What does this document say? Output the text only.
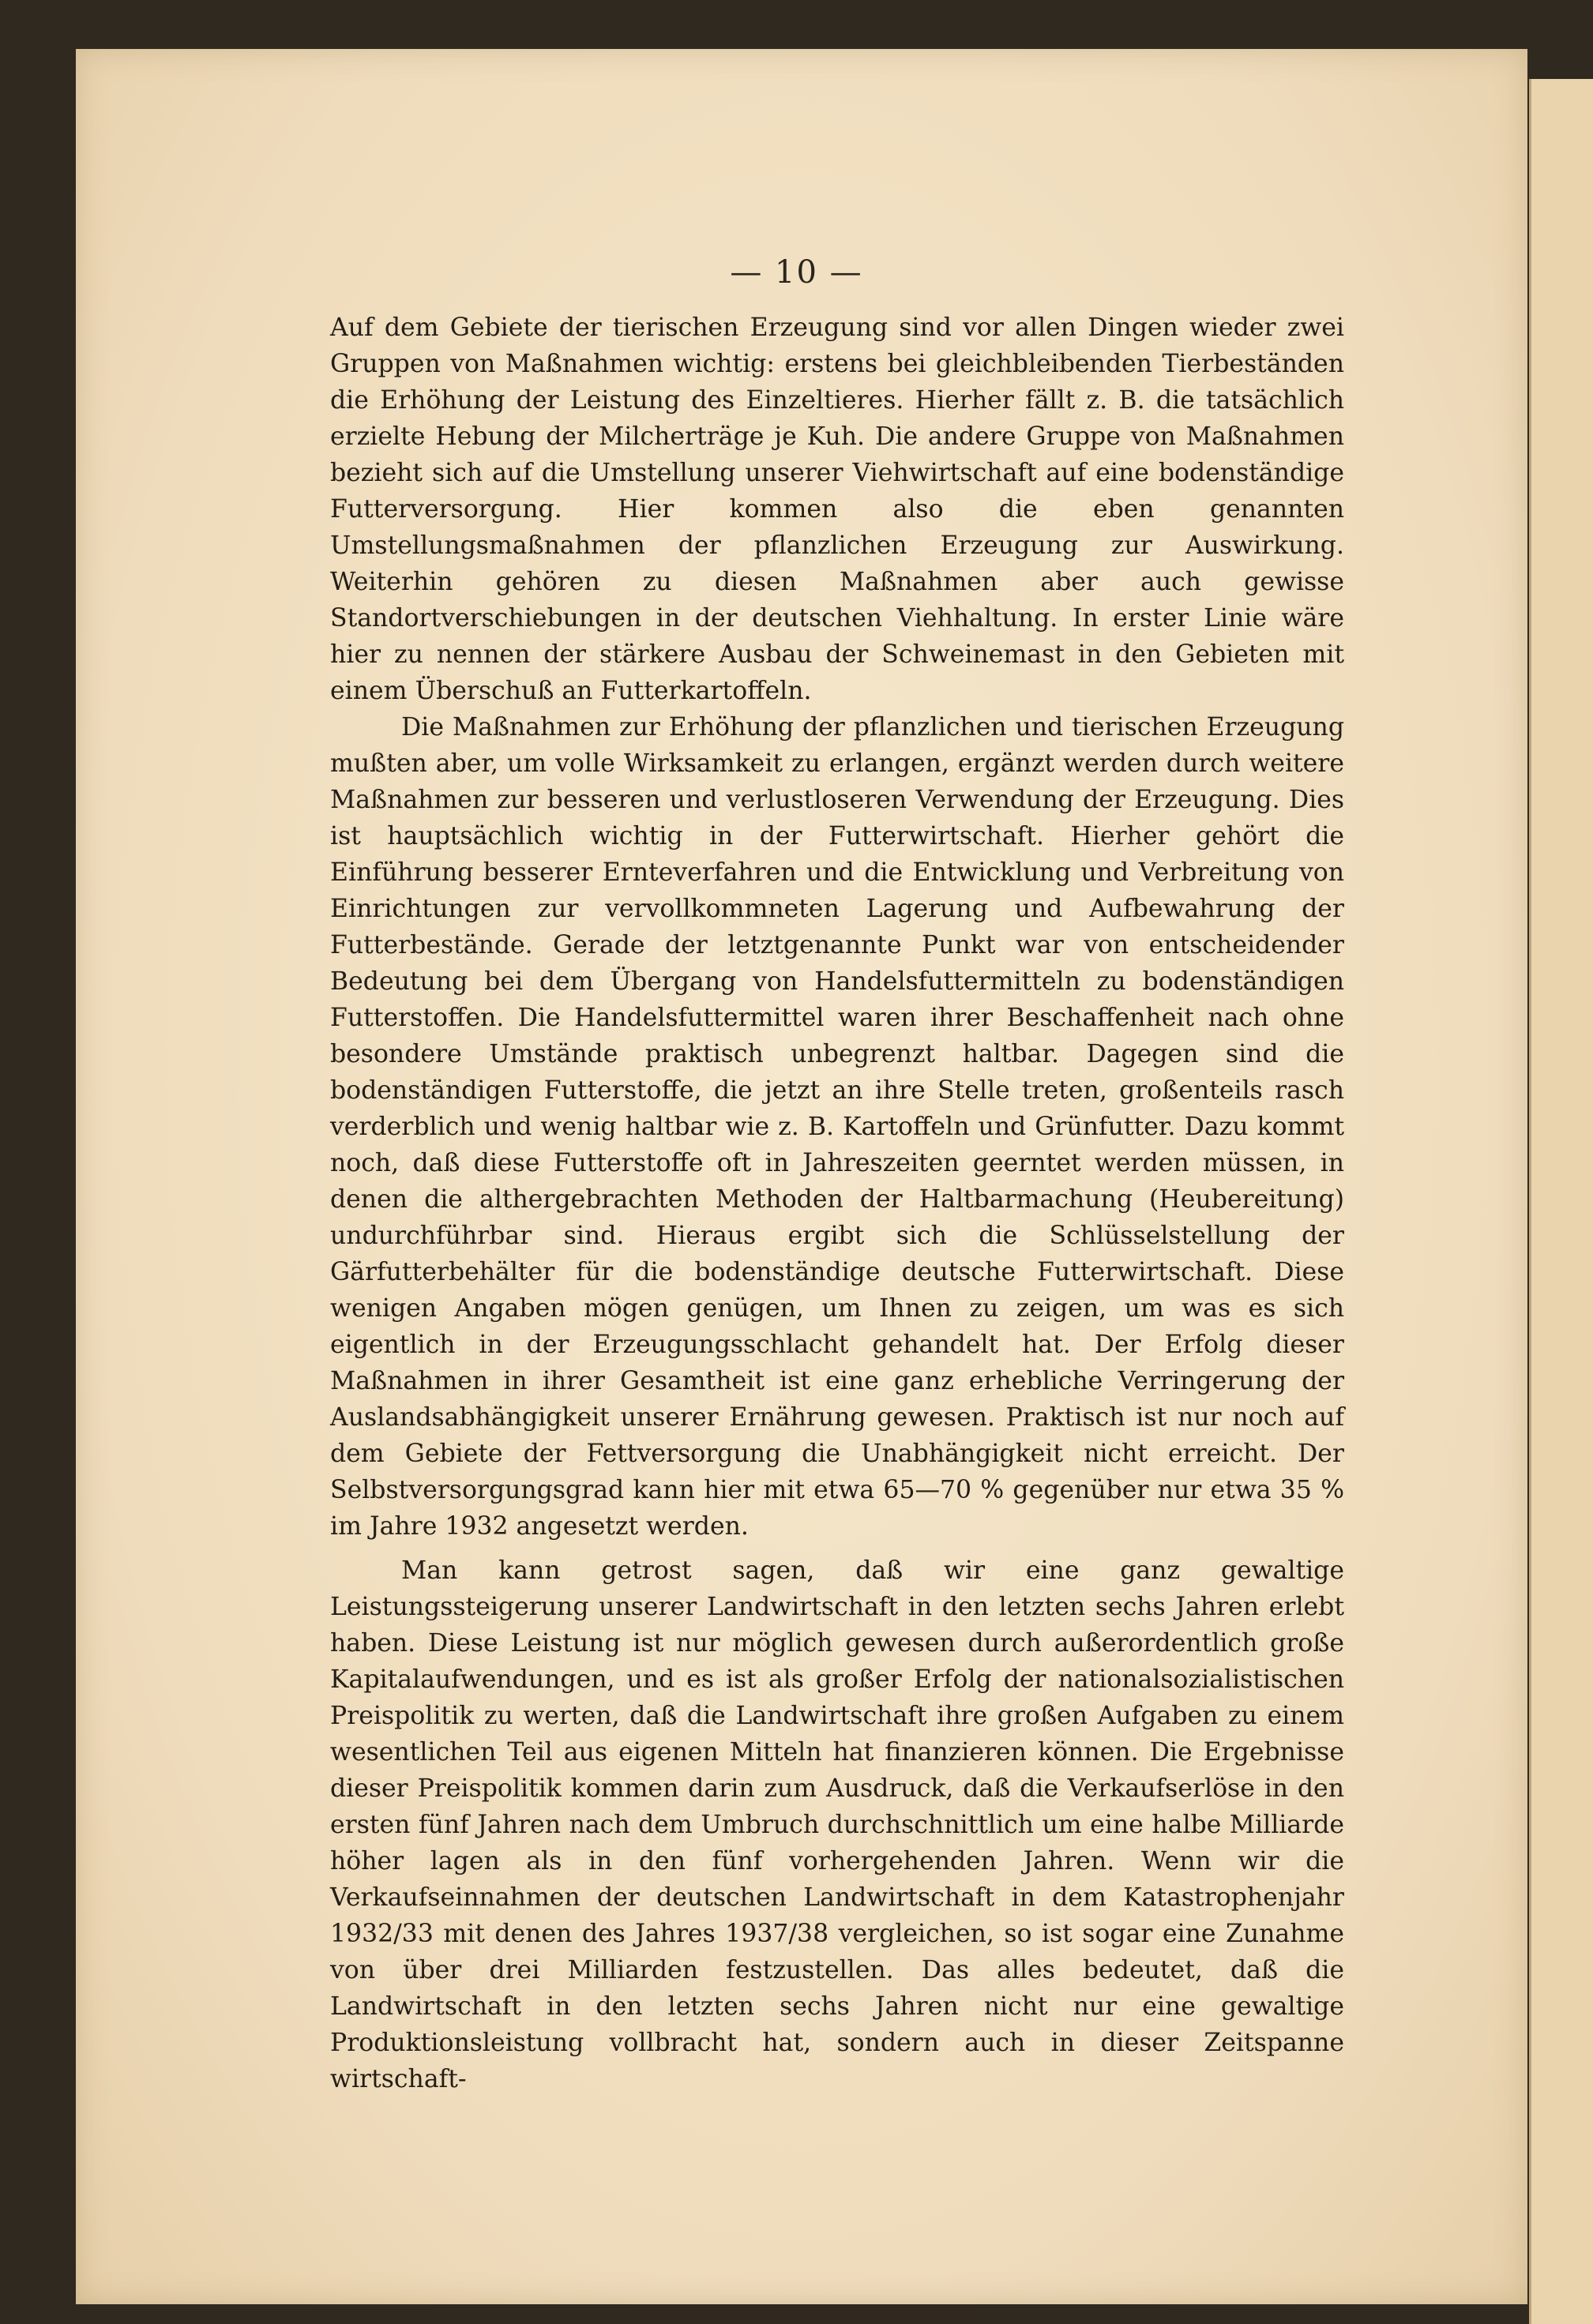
— 10 —

Auf dem Gebiete der tierischen Erzeugung sind vor allen Dingen wieder zwei Gruppen von Maßnahmen wichtig: erstens bei gleichbleibenden Tierbeständen die Erhöhung der Leistung des Einzeltieres. Hierher fällt z. B. die tatsächlich erzielte Hebung der Milcherträge je Kuh. Die andere Gruppe von Maßnahmen bezieht sich auf die Umstellung unserer Viehwirtschaft auf eine bodenständige Futterversorgung. Hier kommen also die eben genannten Umstellungsmaßnahmen der pflanzlichen Erzeugung zur Auswirkung. Weiterhin gehören zu diesen Maßnahmen aber auch gewisse Standortverschiebungen in der deutschen Viehhaltung. In erster Linie wäre hier zu nennen der stärkere Ausbau der Schweinemast in den Gebieten mit einem Überschuß an Futterkartoffeln.

Die Maßnahmen zur Erhöhung der pflanzlichen und tierischen Erzeugung mußten aber, um volle Wirksamkeit zu erlangen, ergänzt werden durch weitere Maßnahmen zur besseren und verlustloseren Verwendung der Erzeugung. Dies ist hauptsächlich wichtig in der Futterwirtschaft. Hierher gehört die Einführung besserer Ernteverfahren und die Entwicklung und Verbreitung von Einrichtungen zur vervollkommneten Lagerung und Aufbewahrung der Futterbestände. Gerade der letztgenannte Punkt war von entscheidender Bedeutung bei dem Übergang von Handelsfuttermitteln zu bodenständigen Futterstoffen. Die Handelsfuttermittel waren ihrer Beschaffenheit nach ohne besondere Umstände praktisch unbegrenzt haltbar. Dagegen sind die bodenständigen Futterstoffe, die jetzt an ihre Stelle treten, großenteils rasch verderblich und wenig haltbar wie z. B. Kartoffeln und Grünfutter. Dazu kommt noch, daß diese Futterstoffe oft in Jahreszeiten geerntet werden müssen, in denen die althergebrachten Methoden der Haltbarmachung (Heubereitung) undurchführbar sind. Hieraus ergibt sich die Schlüsselstellung der Gärfutterbehälter für die bodenständige deutsche Futterwirtschaft. Diese wenigen Angaben mögen genügen, um Ihnen zu zeigen, um was es sich eigentlich in der Erzeugungsschlacht gehandelt hat. Der Erfolg dieser Maßnahmen in ihrer Gesamtheit ist eine ganz erhebliche Verringerung der Auslandsabhängigkeit unserer Ernährung gewesen. Praktisch ist nur noch auf dem Gebiete der Fettversorgung die Unabhängigkeit nicht erreicht. Der Selbstversorgungsgrad kann hier mit etwa 65—70 % gegenüber nur etwa 35 % im Jahre 1932 angesetzt werden.

Man kann getrost sagen, daß wir eine ganz gewaltige Leistungssteigerung unserer Landwirtschaft in den letzten sechs Jahren erlebt haben. Diese Leistung ist nur möglich gewesen durch außerordentlich große Kapitalaufwendungen, und es ist als großer Erfolg der nationalsozialistischen Preispolitik zu werten, daß die Landwirtschaft ihre großen Aufgaben zu einem wesentlichen Teil aus eigenen Mitteln hat finanzieren können. Die Ergebnisse dieser Preispolitik kommen darin zum Ausdruck, daß die Verkaufserlöse in den ersten fünf Jahren nach dem Umbruch durchschnittlich um eine halbe Milliarde höher lagen als in den fünf vorhergehenden Jahren. Wenn wir die Verkaufseinnahmen der deutschen Landwirtschaft in dem Katastrophenjahr 1932/33 mit denen des Jahres 1937/38 vergleichen, so ist sogar eine Zunahme von über drei Milliarden festzustellen. Das alles bedeutet, daß die Landwirtschaft in den letzten sechs Jahren nicht nur eine gewaltige Produktionsleistung vollbracht hat, sondern auch in dieser Zeitspanne wirtschaft-
